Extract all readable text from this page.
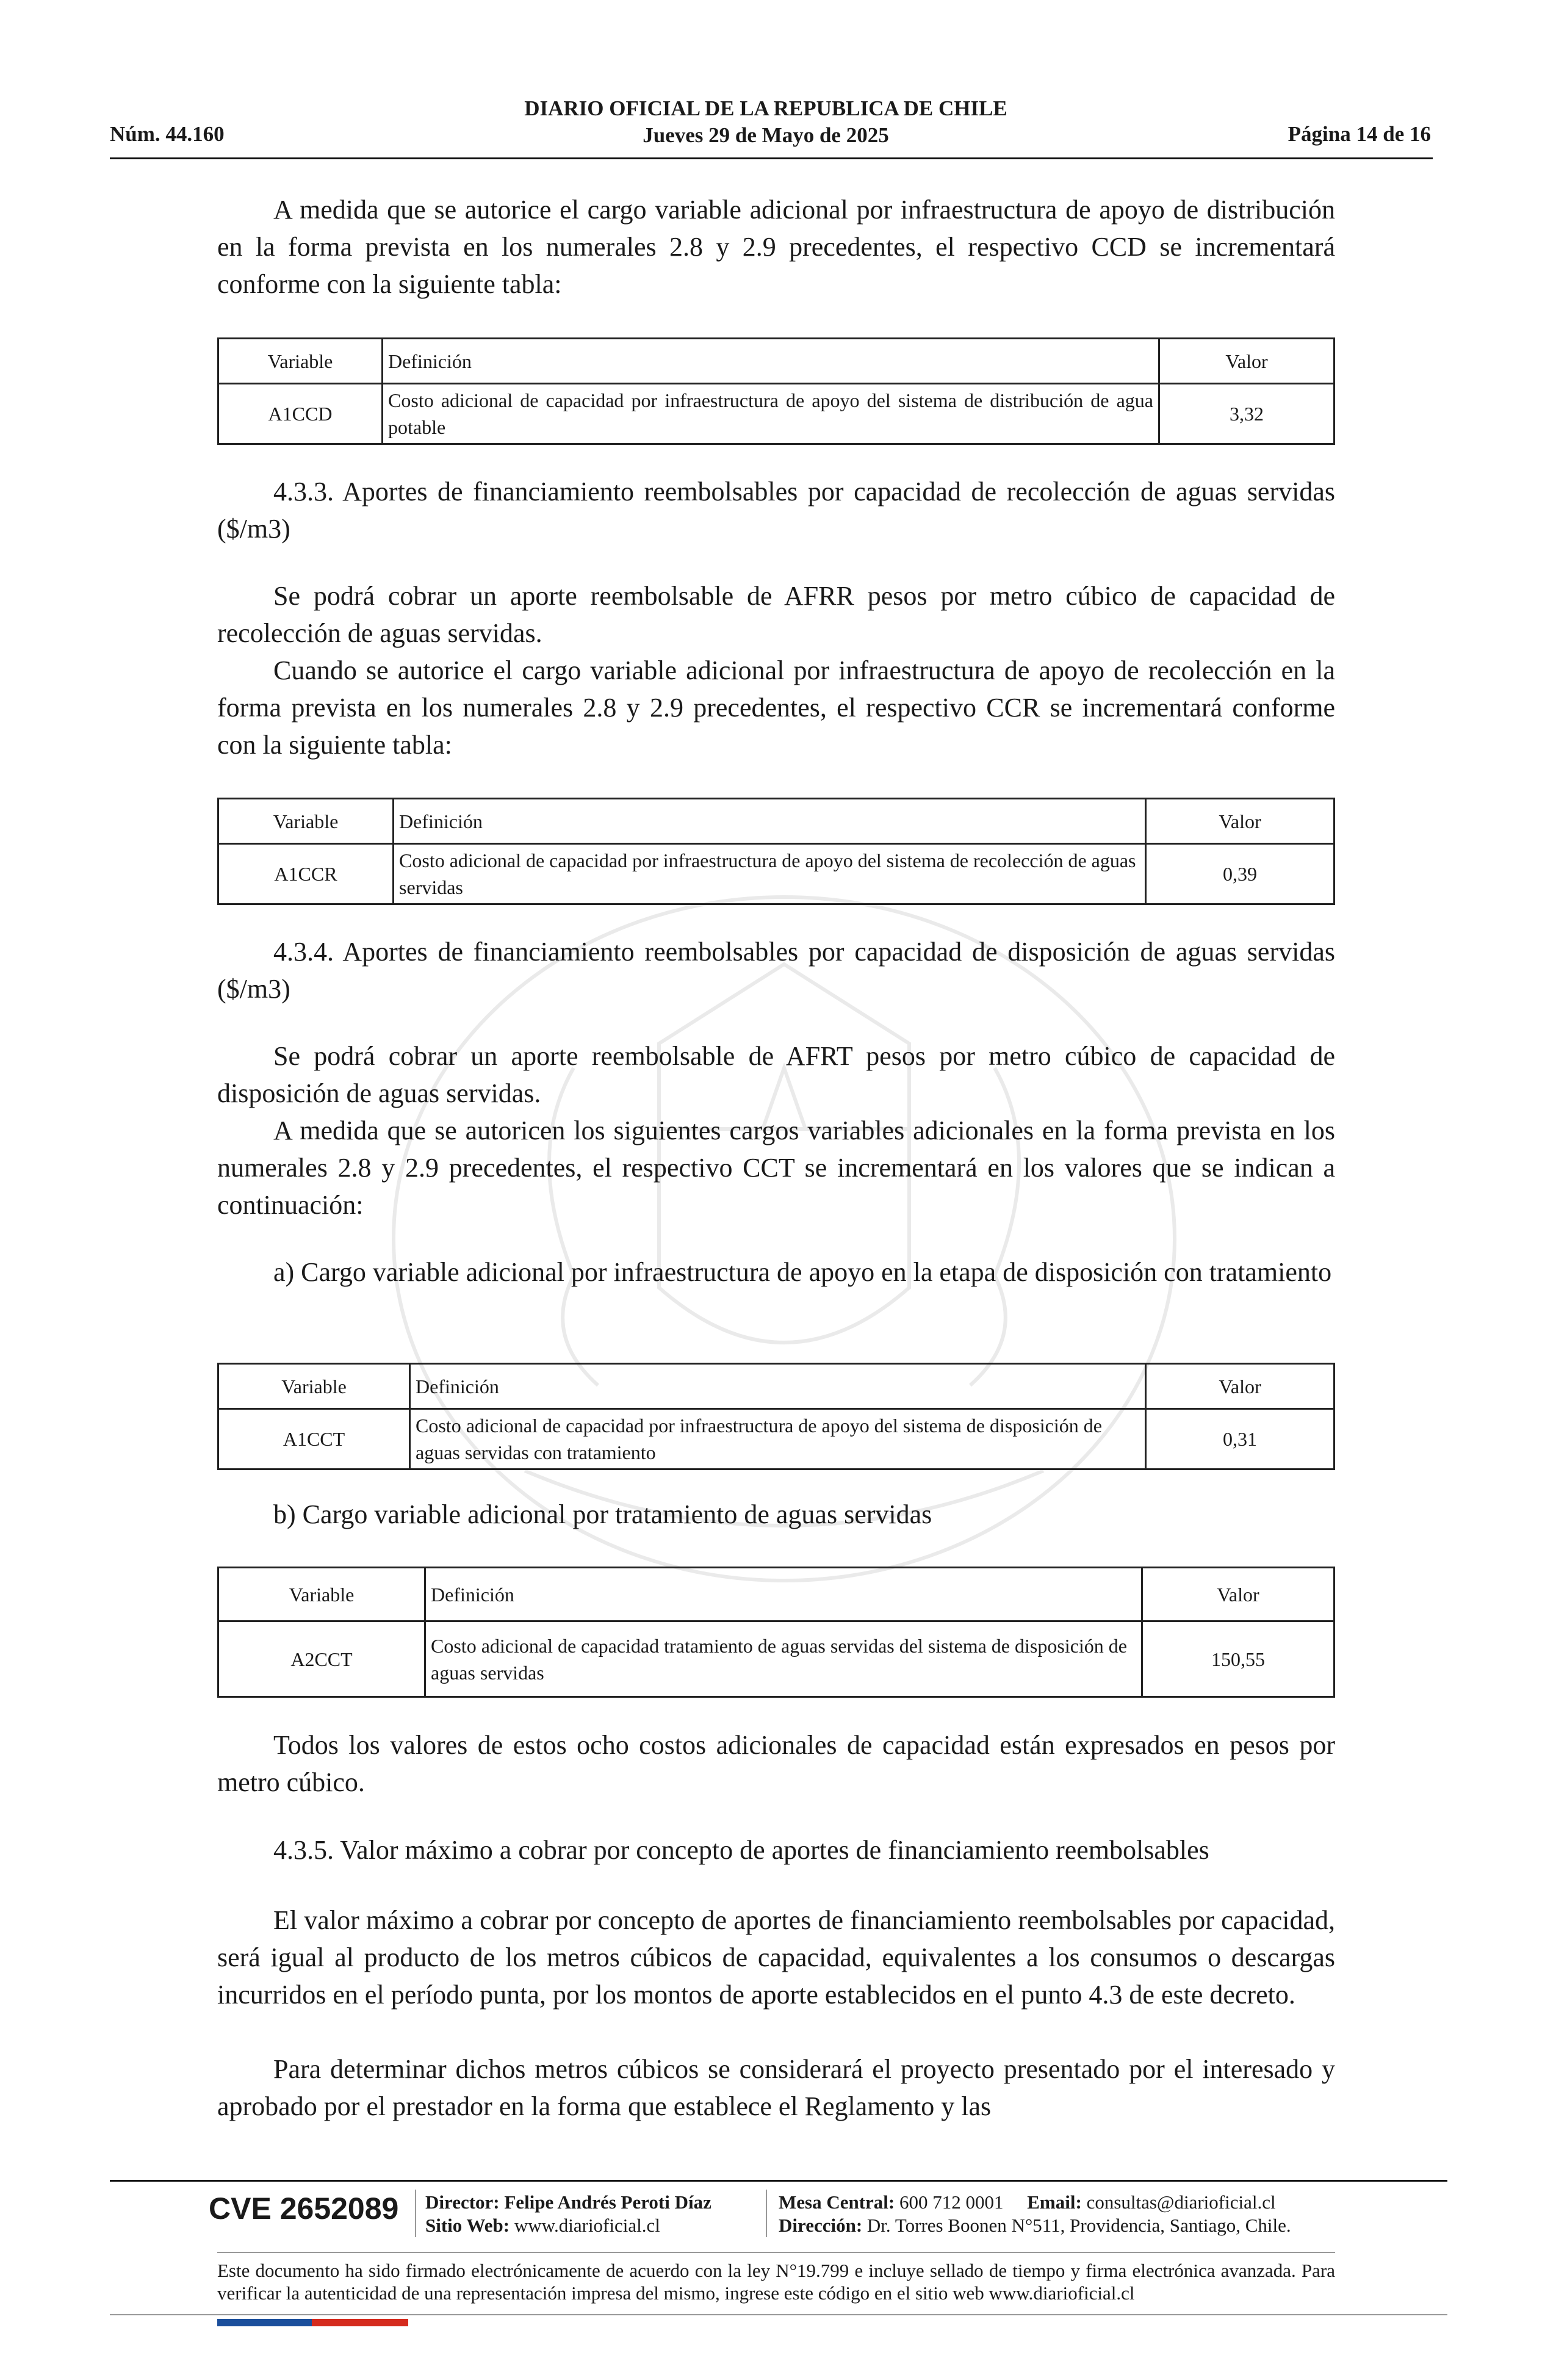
DIARIO OFICIAL DE LA REPUBLICA DE CHILE
Jueves 29 de Mayo de 2025
Núm. 44.160	Página 14 de 16
A medida que se autorice el cargo variable adicional por infraestructura de apoyo de distribución en la forma prevista en los numerales 2.8 y 2.9 precedentes, el respectivo CCD se incrementará conforme con la siguiente tabla:
Variable	Definición	Valor
A1CCD	Costo adicional de capacidad por infraestructura de apoyo del sistema de distribución de agua potable	3,32
4.3.3. Aportes de financiamiento reembolsables por capacidad de recolección de aguas servidas ($/m3)
Se podrá cobrar un aporte reembolsable de AFRR pesos por metro cúbico de capacidad de recolección de aguas servidas.
Cuando se autorice el cargo variable adicional por infraestructura de apoyo de recolección en la forma prevista en los numerales 2.8 y 2.9 precedentes, el respectivo CCR se incrementará conforme con la siguiente tabla:
Variable	Definición	Valor
A1CCR	Costo adicional de capacidad por infraestructura de apoyo del sistema de recolección de aguas servidas	0,39
4.3.4. Aportes de financiamiento reembolsables por capacidad de disposición de aguas servidas ($/m3)
Se podrá cobrar un aporte reembolsable de AFRT pesos por metro cúbico de capacidad de disposición de aguas servidas.
A medida que se autoricen los siguientes cargos variables adicionales en la forma prevista en los numerales 2.8 y 2.9 precedentes, el respectivo CCT se incrementará en los valores que se indican a continuación:
a) Cargo variable adicional por infraestructura de apoyo en la etapa de disposición con tratamiento
Variable	Definición	Valor
A1CCT	Costo adicional de capacidad por infraestructura de apoyo del sistema de disposición de aguas servidas con tratamiento	0,31
b) Cargo variable adicional por tratamiento de aguas servidas
Variable	Definición	Valor
A2CCT	Costo adicional de capacidad tratamiento de aguas servidas del sistema de disposición de aguas servidas	150,55
Todos los valores de estos ocho costos adicionales de capacidad están expresados en pesos por metro cúbico.
4.3.5. Valor máximo a cobrar por concepto de aportes de financiamiento reembolsables
El valor máximo a cobrar por concepto de aportes de financiamiento reembolsables por capacidad, será igual al producto de los metros cúbicos de capacidad, equivalentes a los consumos o descargas incurridos en el período punta, por los montos de aporte establecidos en el punto 4.3 de este decreto.
Para determinar dichos metros cúbicos se considerará el proyecto presentado por el interesado y aprobado por el prestador en la forma que establece el Reglamento y las
CVE 2652089 Director: Felipe Andrés Peroti Díaz
Sitio Web: www.diarioficial.cl
Mesa Central: 600 712 0001 Email: consultas@diarioficial.cl
Dirección: Dr. Torres Boonen N°511, Providencia, Santiago, Chile.
Este documento ha sido firmado electrónicamente de acuerdo con la ley N°19.799 e incluye sellado de tiempo y firma electrónica avanzada. Para verificar la autenticidad de una representación impresa del mismo, ingrese este código en el sitio web www.diarioficial.cl
